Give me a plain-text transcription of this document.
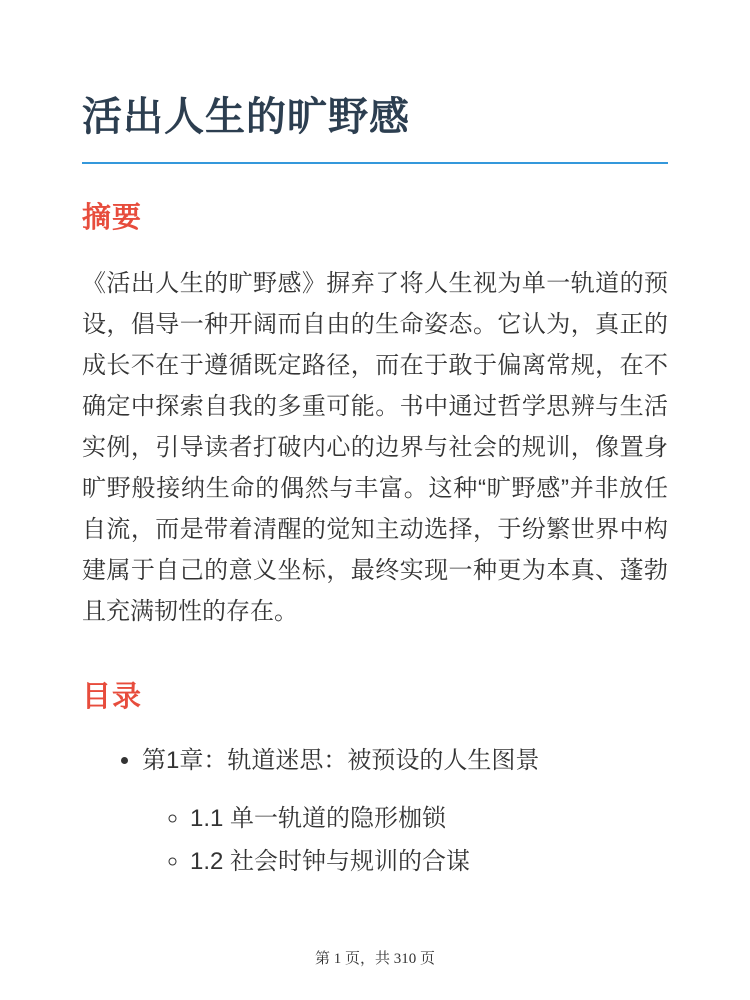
活出人生的旷野感
摘要

《活出人生的旷野感》摒弃了将人生视为单一轨道的预设，倡导一种开阔而自由的生命姿态。它认为，真正的成长不在于遵循既定路径，而在于敢于偏离常规，在不确定中探索自我的多重可能。书中通过哲学思辨与生活实例，引导读者打破内心的边界与社会的规训，像置身旷野般接纳生命的偶然与丰富。这种“旷野感”并非放任自流，而是带着清醒的觉知主动选择，于纷繁世界中构建属于自己的意义坐标，最终实现一种更为本真、蓬勃且充满韧性的存在。

目录
• 第1章：轨道迷思：被预设的人生图景
◦ 1.1 单一轨道的隐形枷锁
◦ 1.2 社会时钟与规训的合谋
第 1 页，共 310 页
